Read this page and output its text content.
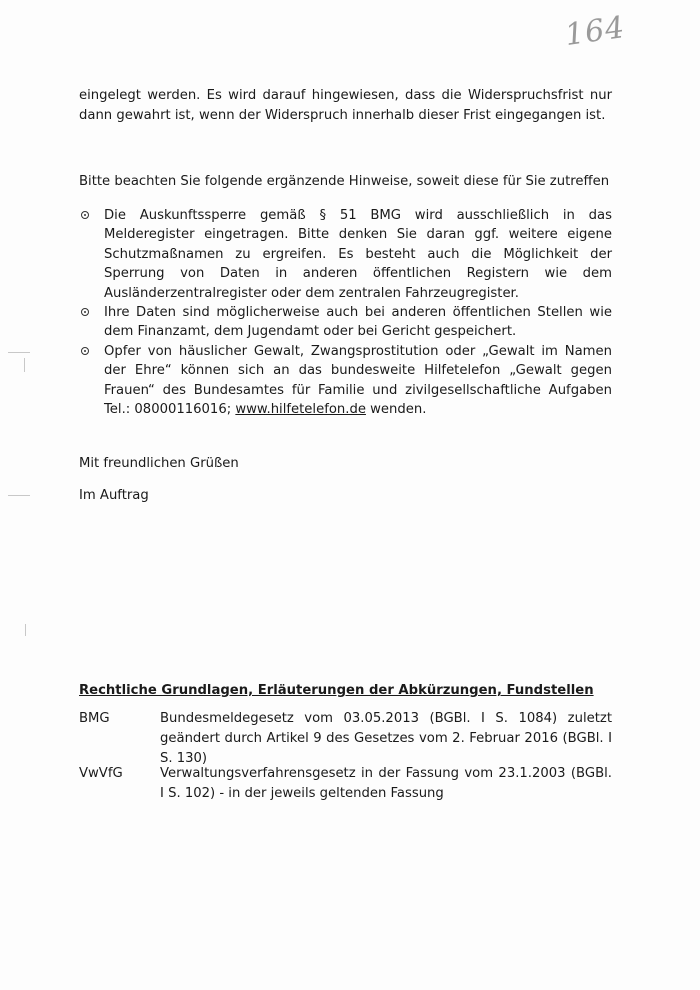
164
eingelegt werden. Es wird darauf hingewiesen, dass die Widerspruchsfrist nur dann gewahrt ist, wenn der Widerspruch innerhalb dieser Frist eingegangen ist.
Bitte beachten Sie folgende ergänzende Hinweise, soweit diese für Sie zutreffen
Die Auskunftssperre gemäß § 51 BMG wird ausschließlich in das Melderegister eingetragen. Bitte denken Sie daran ggf. weitere eigene Schutzmaßnamen zu ergreifen. Es besteht auch die Möglichkeit der Sperrung von Daten in anderen öffentlichen Registern wie dem Ausländerzentralregister oder dem zentralen Fahrzeugregister.
Ihre Daten sind möglicherweise auch bei anderen öffentlichen Stellen wie dem Finanzamt, dem Jugendamt oder bei Gericht gespeichert.
Opfer von häuslicher Gewalt, Zwangsprostitution oder „Gewalt im Namen der Ehre“ können sich an das bundesweite Hilfetelefon „Gewalt gegen Frauen“ des Bundesamtes für Familie und zivilgesellschaftliche Aufgaben Tel.: 08000116016; www.hilfetelefon.de wenden.
Mit freundlichen Grüßen
Im Auftrag
Rechtliche Grundlagen, Erläuterungen der Abkürzungen, Fundstellen
BMG	Bundesmeldegesetz vom 03.05.2013 (BGBl. I S. 1084) zuletzt geändert durch Artikel 9 des Gesetzes vom 2. Februar 2016 (BGBl. I S. 130)
VwVfG	Verwaltungsverfahrensgesetz in der Fassung vom 23.1.2003 (BGBl. I S. 102) - in der jeweils geltenden Fassung
